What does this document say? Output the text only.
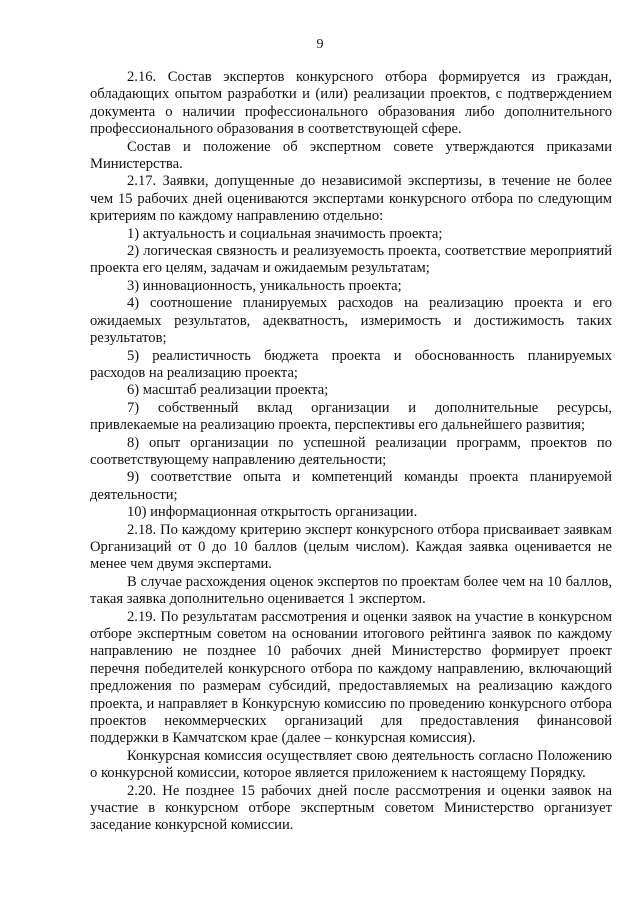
9

2.16. Состав экспертов конкурсного отбора формируется из граждан, обладающих опытом разработки и (или) реализации проектов, с подтверждением документа о наличии профессионального образования либо дополнительного профессионального образования в соответствующей сфере.

Состав и положение об экспертном совете утверждаются приказами Министерства.

2.17. Заявки, допущенные до независимой экспертизы, в течение не более чем 15 рабочих дней оцениваются экспертами конкурсного отбора по следующим критериям по каждому направлению отдельно:

1) актуальность и социальная значимость проекта;

2) логическая связность и реализуемость проекта, соответствие мероприятий проекта его целям, задачам и ожидаемым результатам;

3) инновационность, уникальность проекта;

4) соотношение планируемых расходов на реализацию проекта и его ожидаемых результатов, адекватность, измеримость и достижимость таких результатов;

5) реалистичность бюджета проекта и обоснованность планируемых расходов на реализацию проекта;

6) масштаб реализации проекта;

7) собственный вклад организации и дополнительные ресурсы, привлекаемые на реализацию проекта, перспективы его дальнейшего развития;

8) опыт организации по успешной реализации программ, проектов по соответствующему направлению деятельности;

9) соответствие опыта и компетенций команды проекта планируемой деятельности;

10) информационная открытость организации.

2.18. По каждому критерию эксперт конкурсного отбора присваивает заявкам Организаций от 0 до 10 баллов (целым числом). Каждая заявка оценивается не менее чем двумя экспертами.

В случае расхождения оценок экспертов по проектам более чем на 10 баллов, такая заявка дополнительно оценивается 1 экспертом.

2.19. По результатам рассмотрения и оценки заявок на участие в конкурсном отборе экспертным советом на основании итогового рейтинга заявок по каждому направлению не позднее 10 рабочих дней Министерство формирует проект перечня победителей конкурсного отбора по каждому направлению, включающий предложения по размерам субсидий, предоставляемых на реализацию каждого проекта, и направляет в Конкурсную комиссию по проведению конкурсного отбора проектов некоммерческих организаций для предоставления финансовой поддержки в Камчатском крае (далее – конкурсная комиссия).

Конкурсная комиссия осуществляет свою деятельность согласно Положению о конкурсной комиссии, которое является приложением к настоящему Порядку.

2.20. Не позднее 15 рабочих дней после рассмотрения и оценки заявок на участие в конкурсном отборе экспертным советом Министерство организует заседание конкурсной комиссии.
